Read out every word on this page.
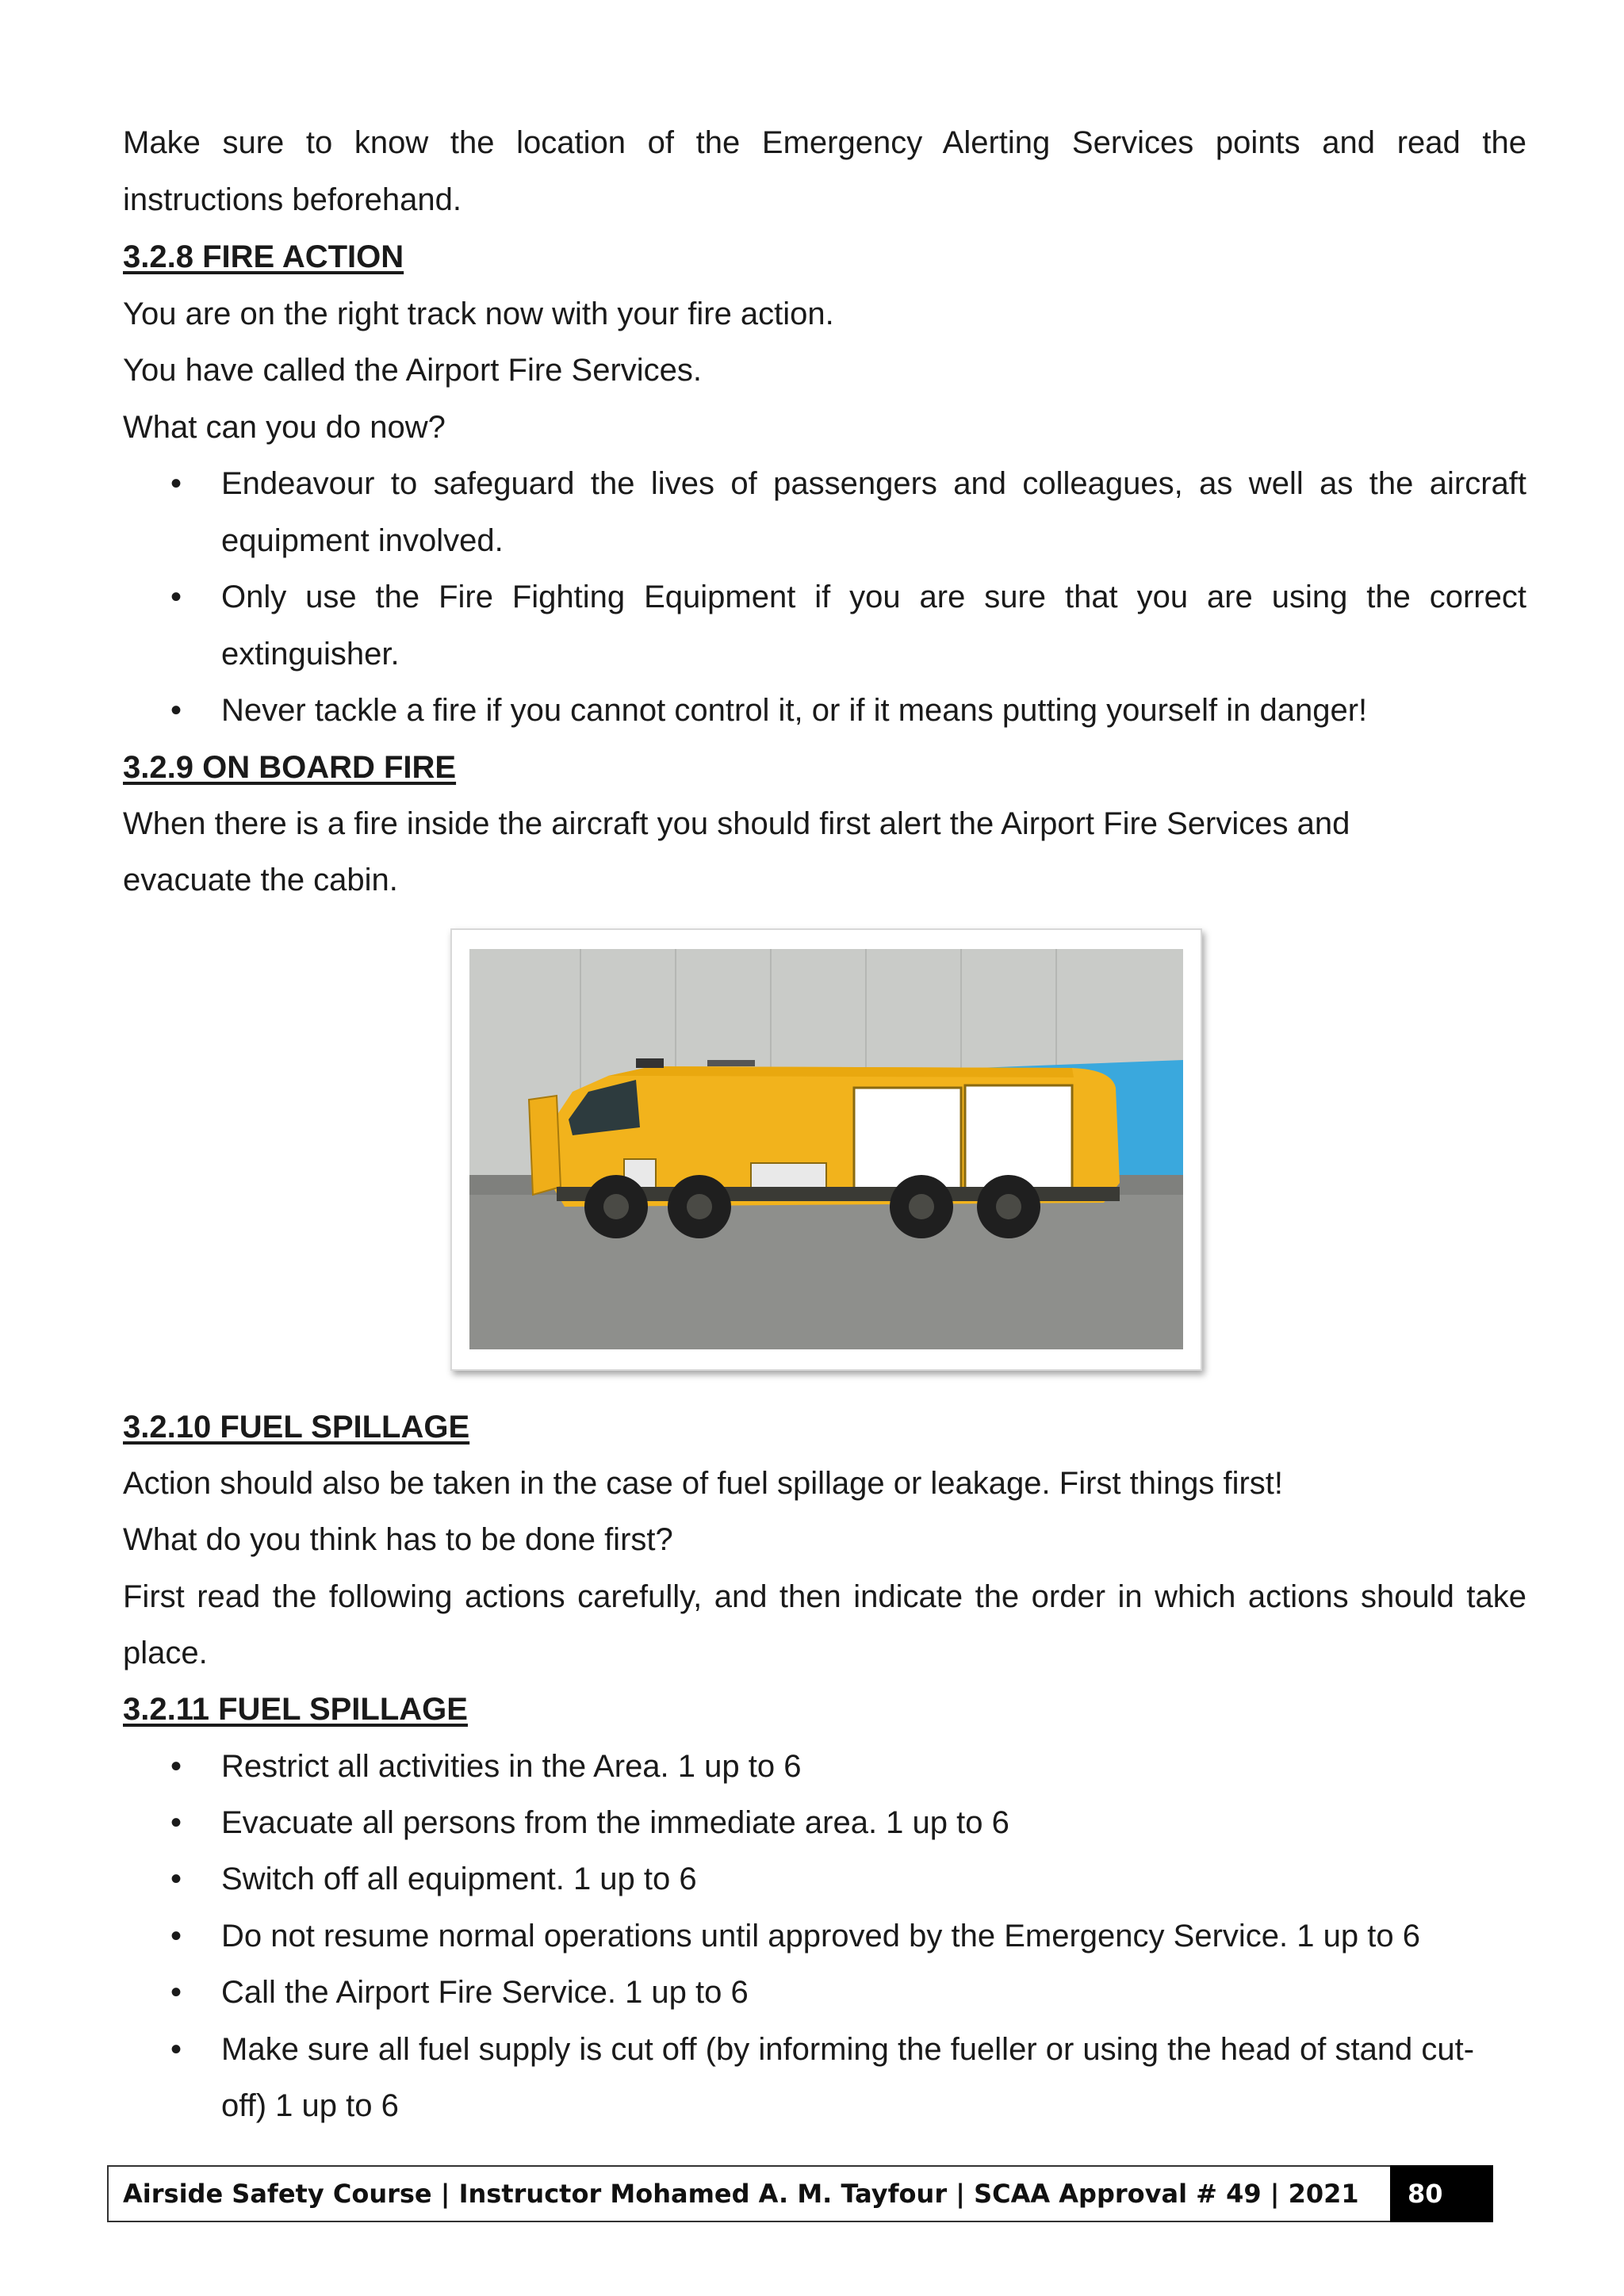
Make sure to know the location of the Emergency Alerting Services points and read the
instructions beforehand.
3.2.8 FIRE ACTION
You are on the right track now with your fire action.
You have called the Airport Fire Services.
What can you do now?
• Endeavour to safeguard the lives of passengers and colleagues, as well as the aircraft
equipment involved.
• Only use the Fire Fighting Equipment if you are sure that you are using the correct
extinguisher.
• Never tackle a fire if you cannot control it, or if it means putting yourself in danger!
3.2.9 ON BOARD FIRE
When there is a fire inside the aircraft you should first alert the Airport Fire Services and
evacuate the cabin.
3.2.10 FUEL SPILLAGE
Action should also be taken in the case of fuel spillage or leakage. First things first!
What do you think has to be done first?
First read the following actions carefully, and then indicate the order in which actions should take
place.
3.2.11 FUEL SPILLAGE
• Restrict all activities in the Area. 1 up to 6
• Evacuate all persons from the immediate area. 1 up to 6
• Switch off all equipment. 1 up to 6
• Do not resume normal operations until approved by the Emergency Service. 1 up to 6
• Call the Airport Fire Service. 1 up to 6
• Make sure all fuel supply is cut off (by informing the fueller or using the head of stand cut-
off) 1 up to 6
Airside Safety Course | Instructor Mohamed A. M. Tayfour | SCAA Approval # 49 | 2021	80
